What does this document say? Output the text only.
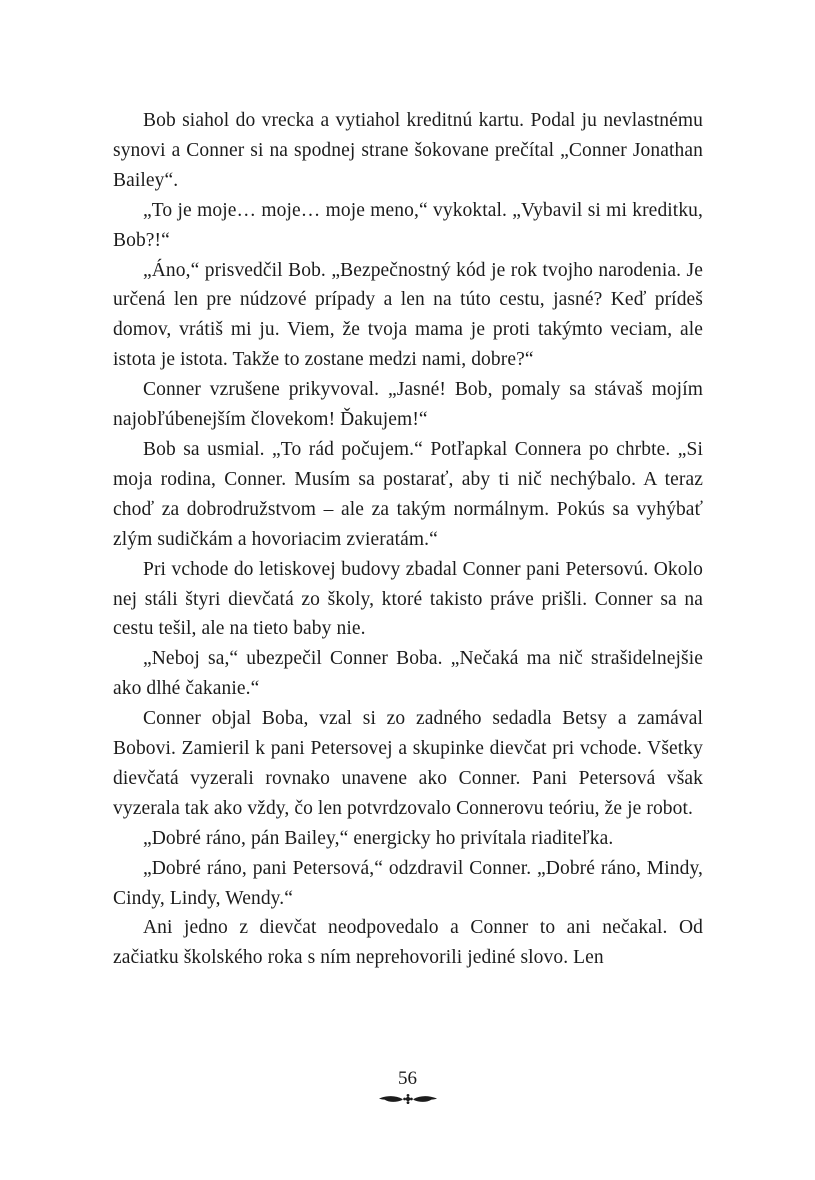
Bob siahol do vrecka a vytiahol kreditnú kartu. Podal ju nevlastnému synovi a Conner si na spodnej strane šokovane prečítal „Conner Jonathan Bailey“.

„To je moje… moje… moje meno,“ vykoktal. „Vybavil si mi kreditku, Bob?!“

„Áno,“ prisvedčil Bob. „Bezpečnostný kód je rok tvojho narodenia. Je určená len pre núdzové prípady a len na túto cestu, jasné? Keď prídeš domov, vrátiš mi ju. Viem, že tvoja mama je proti takýmto veciam, ale istota je istota. Takže to zostane medzi nami, dobre?“

Conner vzrušene prikyvoval. „Jasné! Bob, pomaly sa stávaš mojím najobľúbenejším človekom! Ďakujem!“

Bob sa usmial. „To rád počujem.“ Potľapkal Connera po chrbte. „Si moja rodina, Conner. Musím sa postarať, aby ti nič nechýbalo. A teraz choď za dobrodružstvom – ale za takým normálnym. Pokús sa vyhýbať zlým sudičkám a hovoriacim zvieratám.“

Pri vchode do letiskovej budovy zbadal Conner pani Petersovú. Okolo nej stáli štyri dievčatá zo školy, ktoré takisto práve prišli. Conner sa na cestu tešil, ale na tieto baby nie.

„Neboj sa,“ ubezpečil Conner Boba. „Nečaká ma nič strašidelnejšie ako dlhé čakanie.“

Conner objal Boba, vzal si zo zadného sedadla Betsy a zamával Bobovi. Zamieril k pani Petersovej a skupinke dievčat pri vchode. Všetky dievčatá vyzerali rovnako unavene ako Conner. Pani Petersová však vyzerala tak ako vždy, čo len potvrdzovalo Connerovu teóriu, že je robot.

„Dobré ráno, pán Bailey,“ energicky ho privítala riaditeľka.

„Dobré ráno, pani Petersová,“ odzdravil Conner. „Dobré ráno, Mindy, Cindy, Lindy, Wendy.“

Ani jedno z dievčat neodpovedalo a Conner to ani nečakal. Od začiatku školského roka s ním neprehovorili jediné slovo. Len

56
